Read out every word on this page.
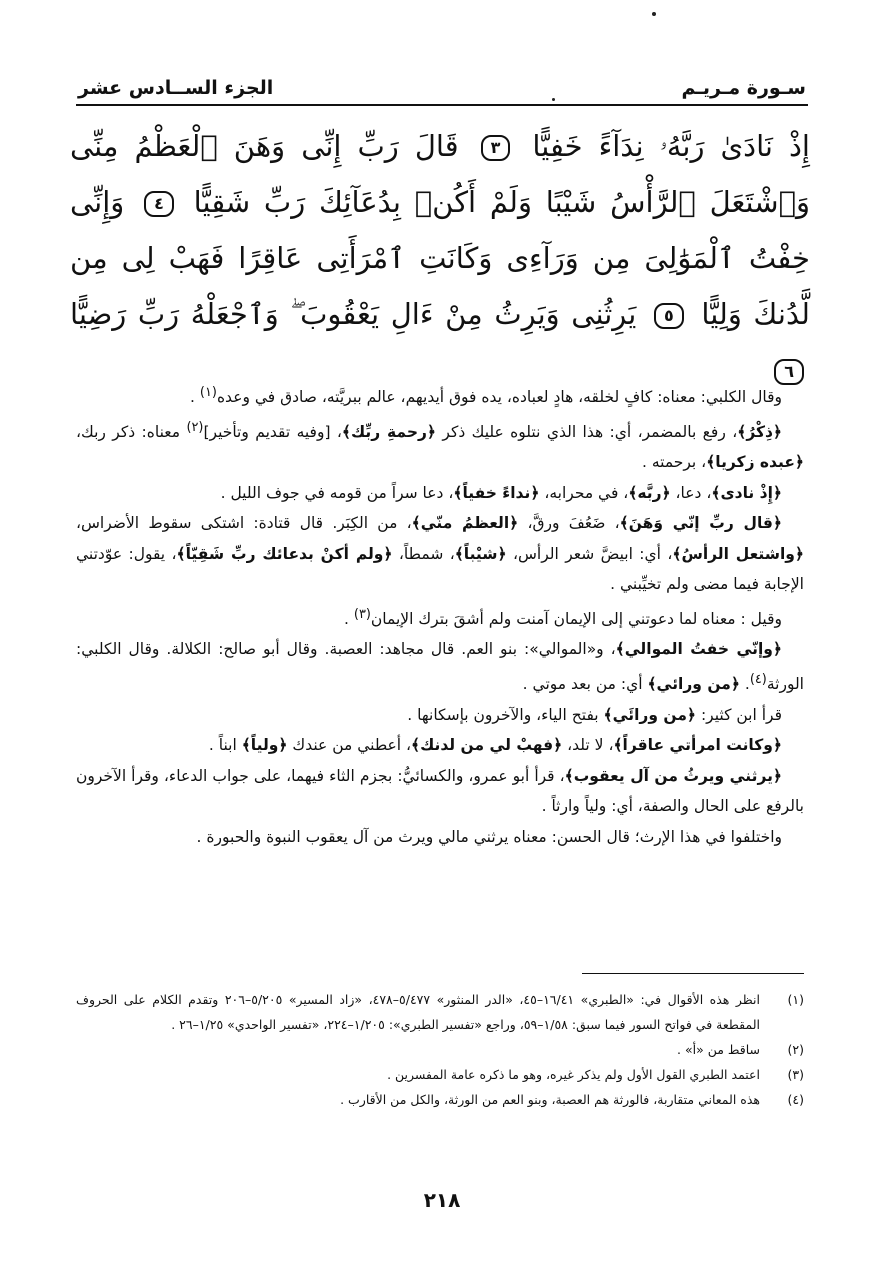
سـورة مـريـم
الجزء الســادس عشر
إِذْ نَادَىٰ رَبَّهُۥ نِدَآءً خَفِيًّا ٣ قَالَ رَبِّ إِنِّى وَهَنَ ٱلْعَظْمُ مِنِّى وَٱشْتَعَلَ ٱلرَّأْسُ شَيْبًا وَلَمْ أَكُنۢ بِدُعَآئِكَ رَبِّ شَقِيًّا ٤ وَإِنِّى خِفْتُ ٱلْمَوَٰلِىَ مِن وَرَآءِى وَكَانَتِ ٱمْرَأَتِى عَاقِرًا فَهَبْ لِى مِن لَّدُنكَ وَلِيًّا ٥ يَرِثُنِى وَيَرِثُ مِنْ ءَالِ يَعْقُوبَ ۖ وَٱجْعَلْهُ رَبِّ رَضِيًّا ٦

وقال الكلبي: معناه: كافٍ لخلقه، هادٍ لعباده، يده فوق أيديهم، عالم ببريَّته، صادق في وعده$^{(١)}$ .

﴿ذِكْرُ﴾، رفع بالمضمر، أي: هذا الذي نتلوه عليك ذكر ﴿رحمةِ ربِّك﴾، [وفيه تقديم وتأخير]$^{(٢)}$ معناه: ذكر ربك، ﴿عبده زكريا﴾، برحمته .

﴿إِذْ نادى﴾، دعا، ﴿ربَّه﴾، في محرابه، ﴿نداءً خفياً﴾، دعا سراً من قومه في جوف الليل .

﴿قال ربِّ إنّي وَهَنَ﴾، ضَعُفَ ورقَّ، ﴿العظمُ منّي﴾، من الكِبَر. قال قتادة: اشتكى سقوط الأضراس، ﴿واشتعل الرأسُ﴾، أي: ابيضَّ شعر الرأس، ﴿شيْباً﴾، شمطاً، ﴿ولم أكنْ بدعائك ربِّ شَقِيّاً﴾، يقول: عوّدتني الإجابة فيما مضى ولم تخيِّبني .

وقيل : معناه لما دعوتني إلى الإيمان آمنت ولم أشقَ بترك الإيمان$^{(٣)}$ .

﴿وإنّي خفتُ الموالي﴾، و«الموالي»: بنو العم. قال مجاهد: العصبة. وقال أبو صالح: الكلالة. وقال الكلبي: الورثة$^{(٤)}$. ﴿من ورائي﴾ أي: من بعد موتي .

قرأ ابن كثير: ﴿من ورائَي﴾ بفتح الياء، والآخرون بإسكانها .

﴿وكانت امرأتي عاقراً﴾، لا تلد، ﴿فهبْ لي من لدنك﴾، أعطني من عندك ﴿ولياً﴾ ابناً .

﴿يرثني ويرثُ من آل يعقوب﴾، قرأ أبو عمرو، والكسائيُّ: بجزم الثاء فيهما، على جواب الدعاء، وقرأ الآخرون بالرفع على الحال والصفة، أي: ولياً وارثاً .

واختلفوا في هذا الإرث؛ قال الحسن: معناه يرثني مالي ويرث من آل يعقوب النبوة والحبورة .

(١)
انظر هذه الأقوال في: «الطبري» ١٦/٤١–٤٥، «الدر المنثور» ٥/٤٧٧–٤٧٨، «زاد المسير» ٥/٢٠٥–٢٠٦ وتقدم الكلام على الحروف المقطعة في فواتح السور فيما سبق: ١/٥٨–٥٩، وراجع «تفسير الطبري»: ١/٢٠٥–٢٢٤، «تفسير الواحدي» ١/٢٥–٢٦ .
(٢)
ساقط من «أ» .
(٣)
اعتمد الطبري القول الأول ولم يذكر غيره، وهو ما ذكره عامة المفسرين .
(٤)
هذه المعاني متقاربة، فالورثة هم العصبة، وبنو العم من الورثة، والكل من الأقارب .
٢١٨
